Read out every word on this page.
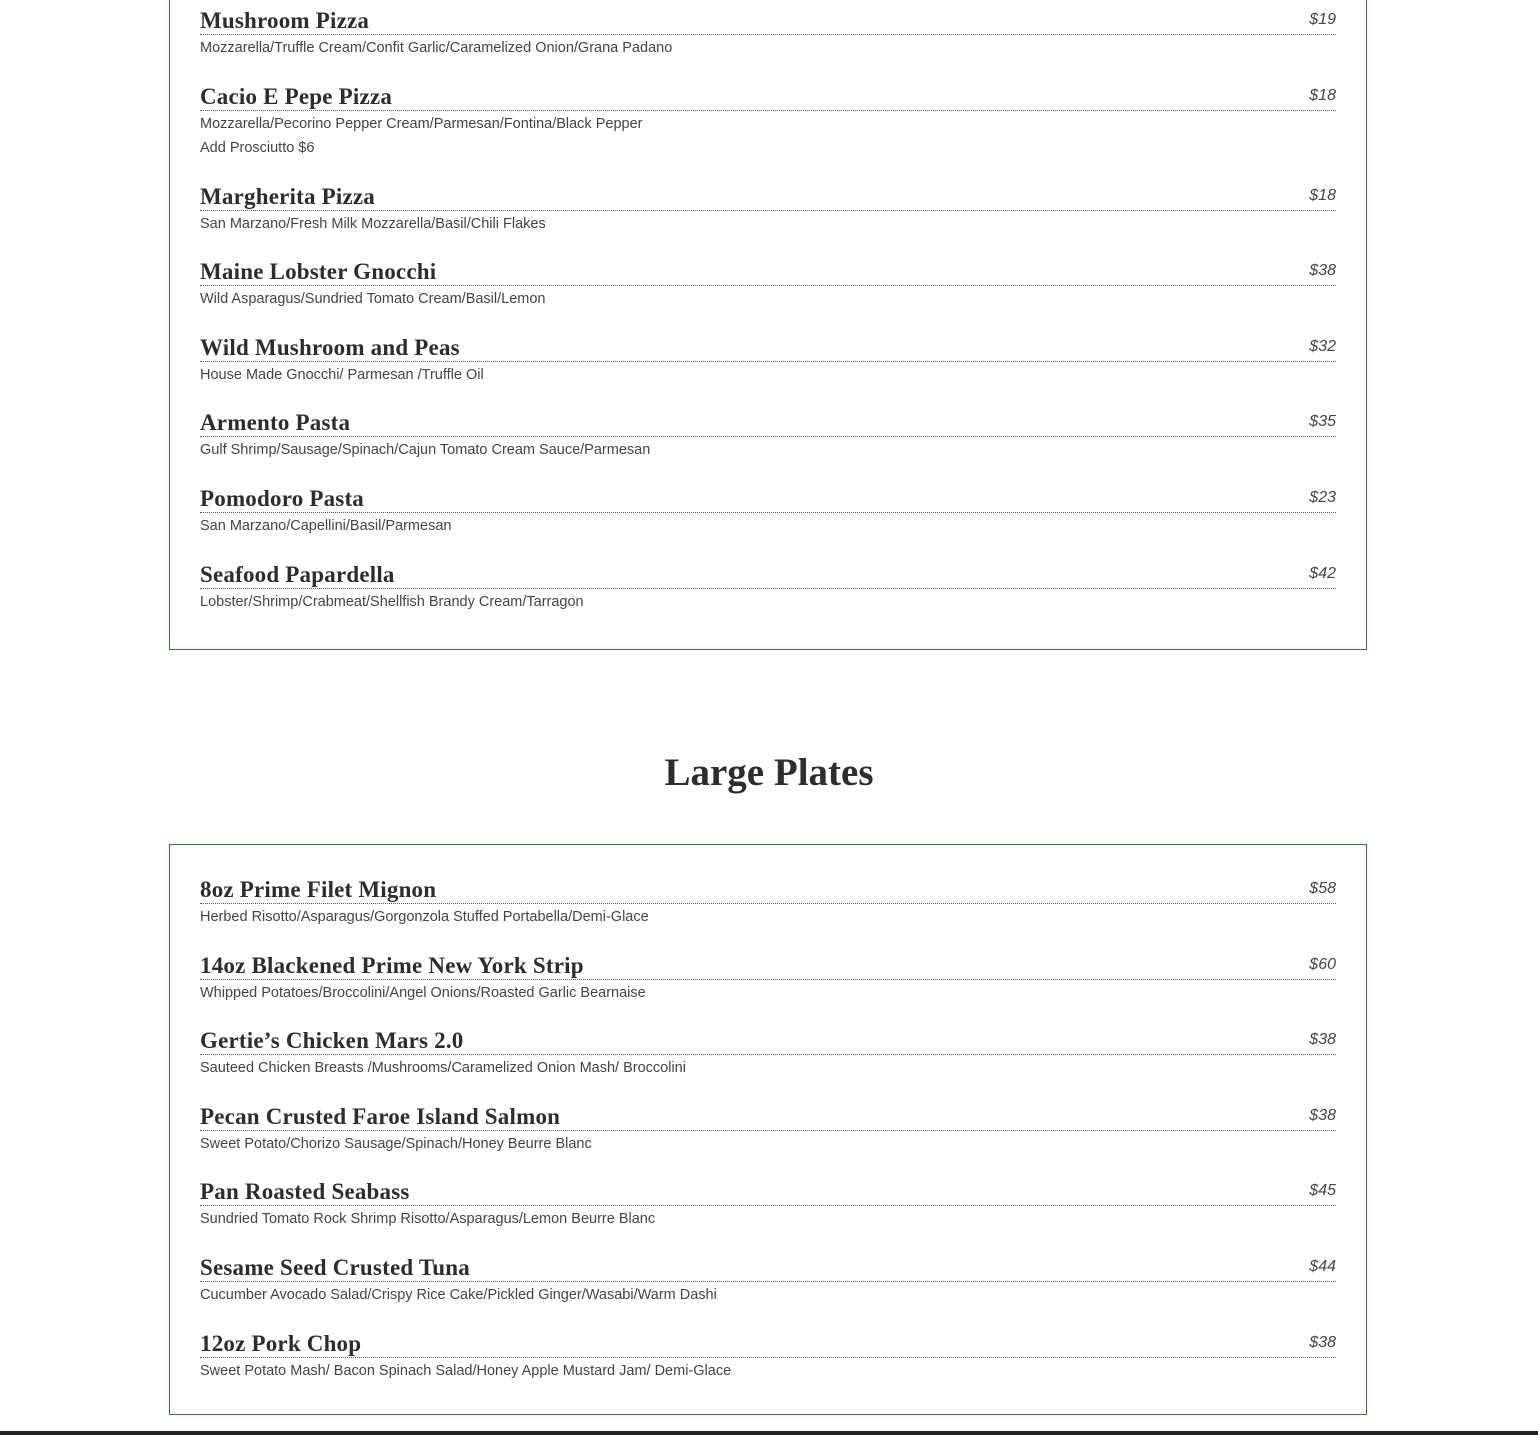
Mushroom Pizza	$19
Mozzarella/Truffle Cream/Confit Garlic/Caramelized Onion/Grana Padano
Cacio E Pepe Pizza	$18
Mozzarella/Pecorino Pepper Cream/Parmesan/Fontina/Black Pepper
Add Prosciutto $6
Margherita Pizza	$18
San Marzano/Fresh Milk Mozzarella/Basil/Chili Flakes
Maine Lobster Gnocchi	$38
Wild Asparagus/Sundried Tomato Cream/Basil/Lemon
Wild Mushroom and Peas	$32
House Made Gnocchi/ Parmesan /Truffle Oil
Armento Pasta	$35
Gulf Shrimp/Sausage/Spinach/Cajun Tomato Cream Sauce/Parmesan
Pomodoro Pasta	$23
San Marzano/Capellini/Basil/Parmesan
Seafood Papardella	$42
Lobster/Shrimp/Crabmeat/Shellfish Brandy Cream/Tarragon
Large Plates
8oz Prime Filet Mignon	$58
Herbed Risotto/Asparagus/Gorgonzola Stuffed Portabella/Demi-Glace
14oz Blackened Prime New York Strip	$60
Whipped Potatoes/Broccolini/Angel Onions/Roasted Garlic Bearnaise
Gertie’s Chicken Mars 2.0	$38
Sauteed Chicken Breasts /Mushrooms/Caramelized Onion Mash/ Broccolini
Pecan Crusted Faroe Island Salmon	$38
Sweet Potato/Chorizo Sausage/Spinach/Honey Beurre Blanc
Pan Roasted Seabass	$45
Sundried Tomato Rock Shrimp Risotto/Asparagus/Lemon Beurre Blanc
Sesame Seed Crusted Tuna	$44
Cucumber Avocado Salad/Crispy Rice Cake/Pickled Ginger/Wasabi/Warm Dashi
12oz Pork Chop	$38
Sweet Potato Mash/ Bacon Spinach Salad/Honey Apple Mustard Jam/ Demi-Glace
